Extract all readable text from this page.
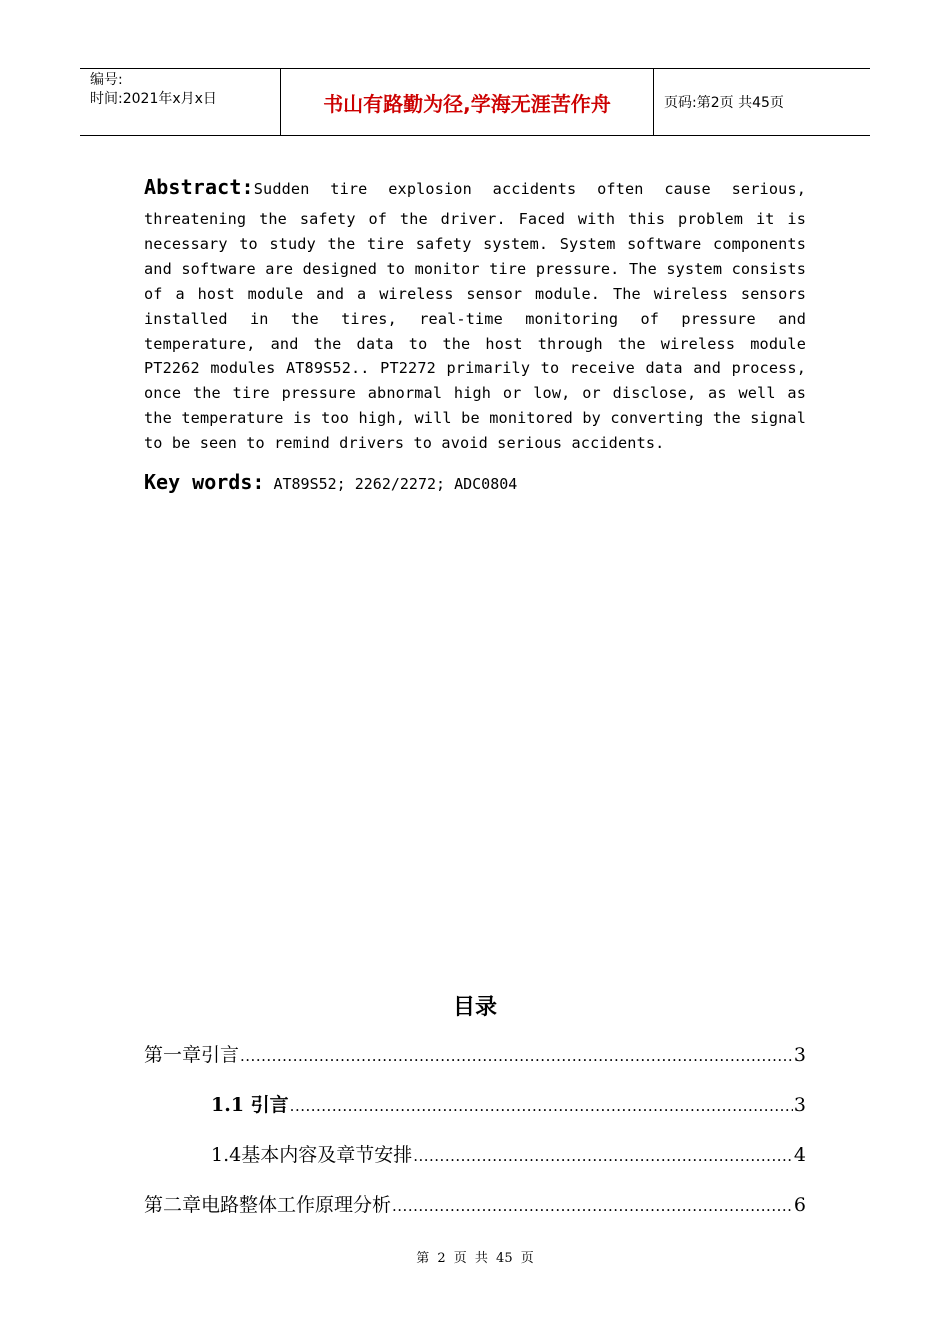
编号:
时间:2021年x月x日	书山有路勤为径,学海无涯苦作舟	页码:第2页 共45页

Abstract:Sudden tire explosion accidents often cause serious,

threatening the safety of the driver. Faced with this problem it is necessary to study the tire safety system. System software components and software are designed to monitor tire pressure. The system consists of a host module and a wireless sensor module. The wireless sensors installed in the tires, real-time monitoring of pressure and temperature, and the data to the host through the wireless module PT2262 modules AT89S52.. PT2272 primarily to receive data and process, once the tire pressure abnormal high or low, or disclose, as well as the temperature is too high, will be monitored by converting the signal to be seen to remind drivers to avoid serious accidents.

Key words: AT89S52; 2262/2272; ADC0804
目录
第一章引言 .....	3
1.1 引言 .....	3
1.4基本内容及章节安排 .....	4
第二章电路整体工作原理分析 .....	6
第 2 页 共 45 页
